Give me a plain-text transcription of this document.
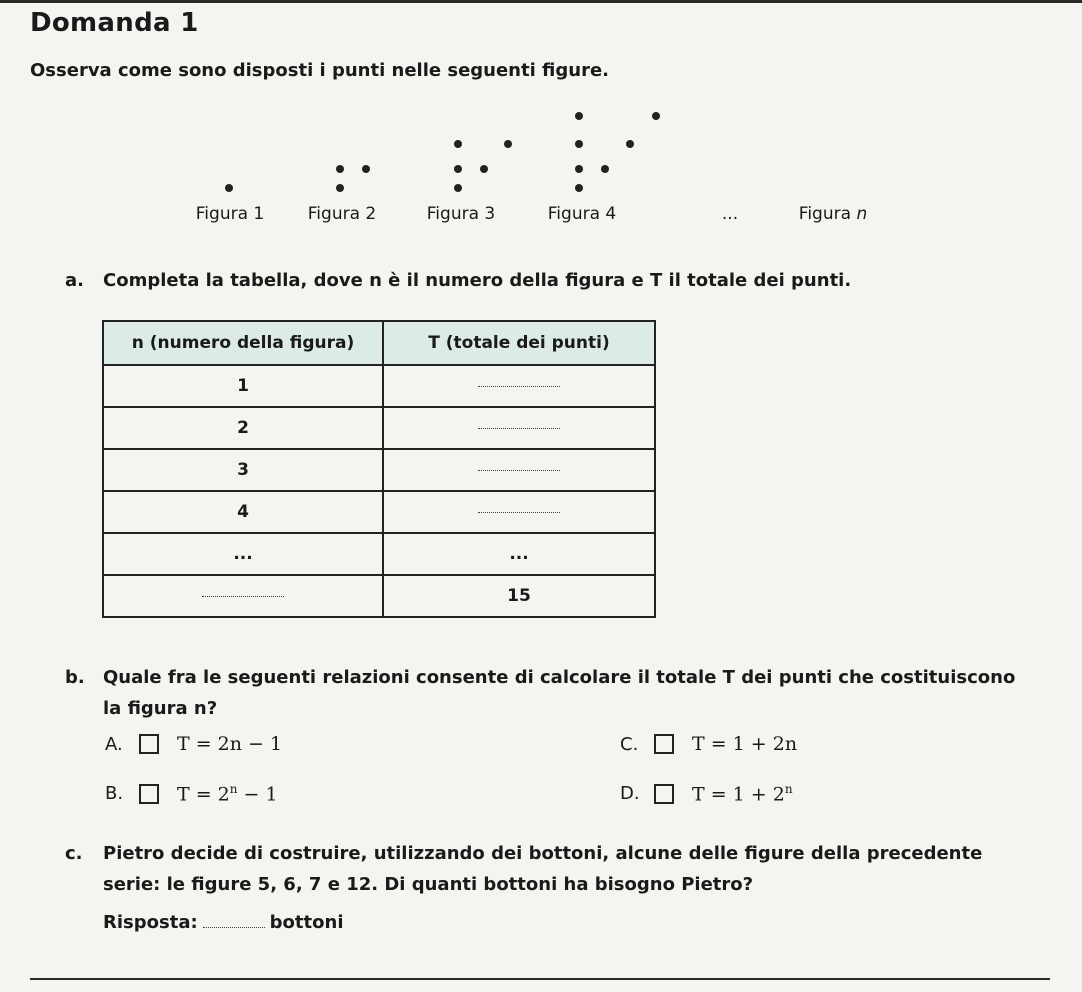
Domanda 1
Osserva come sono disposti i punti nelle seguenti figure.
Figura 1	Figura 2	Figura 3	Figura 4	...	Figura n
a. Completa la tabella, dove n è il numero della figura e T il totale dei punti.
n (numero della figura)	T (totale dei punti)
1	
2	
3	
4	
...	...
	15
b. Quale fra le seguenti relazioni consente di calcolare il totale T dei punti che costituiscono
la figura n?
A.	T = 2n − 1
B.	$T = 2^n - 1$
C.	T = 1 + 2n
D.	$T = 1 + 2^n$
c. Pietro decide di costruire, utilizzando dei bottoni, alcune delle figure della precedente
serie: le figure 5, 6, 7 e 12. Di quanti bottoni ha bisogno Pietro?
Risposta:	bottoni
